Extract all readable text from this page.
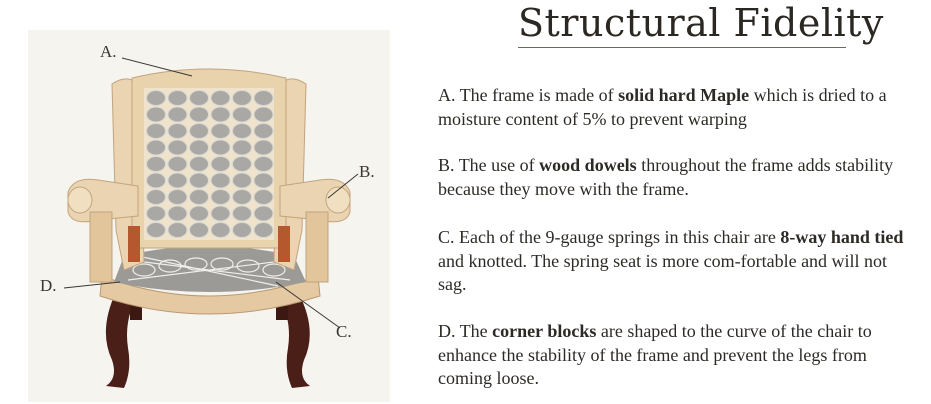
A.
B.
D.
C.
Structural Fidelity
A. The frame is made of solid hard Maple which is dried to a moisture content of 5% to prevent warping
B. The use of wood dowels throughout the frame adds stability because they move with the frame.
C. Each of the 9-gauge springs in this chair are 8-way hand tied and knotted. The spring seat is more com-fortable and will not sag.
D. The corner blocks are shaped to the curve of the chair to enhance the stability of the frame and prevent the legs from coming loose.
